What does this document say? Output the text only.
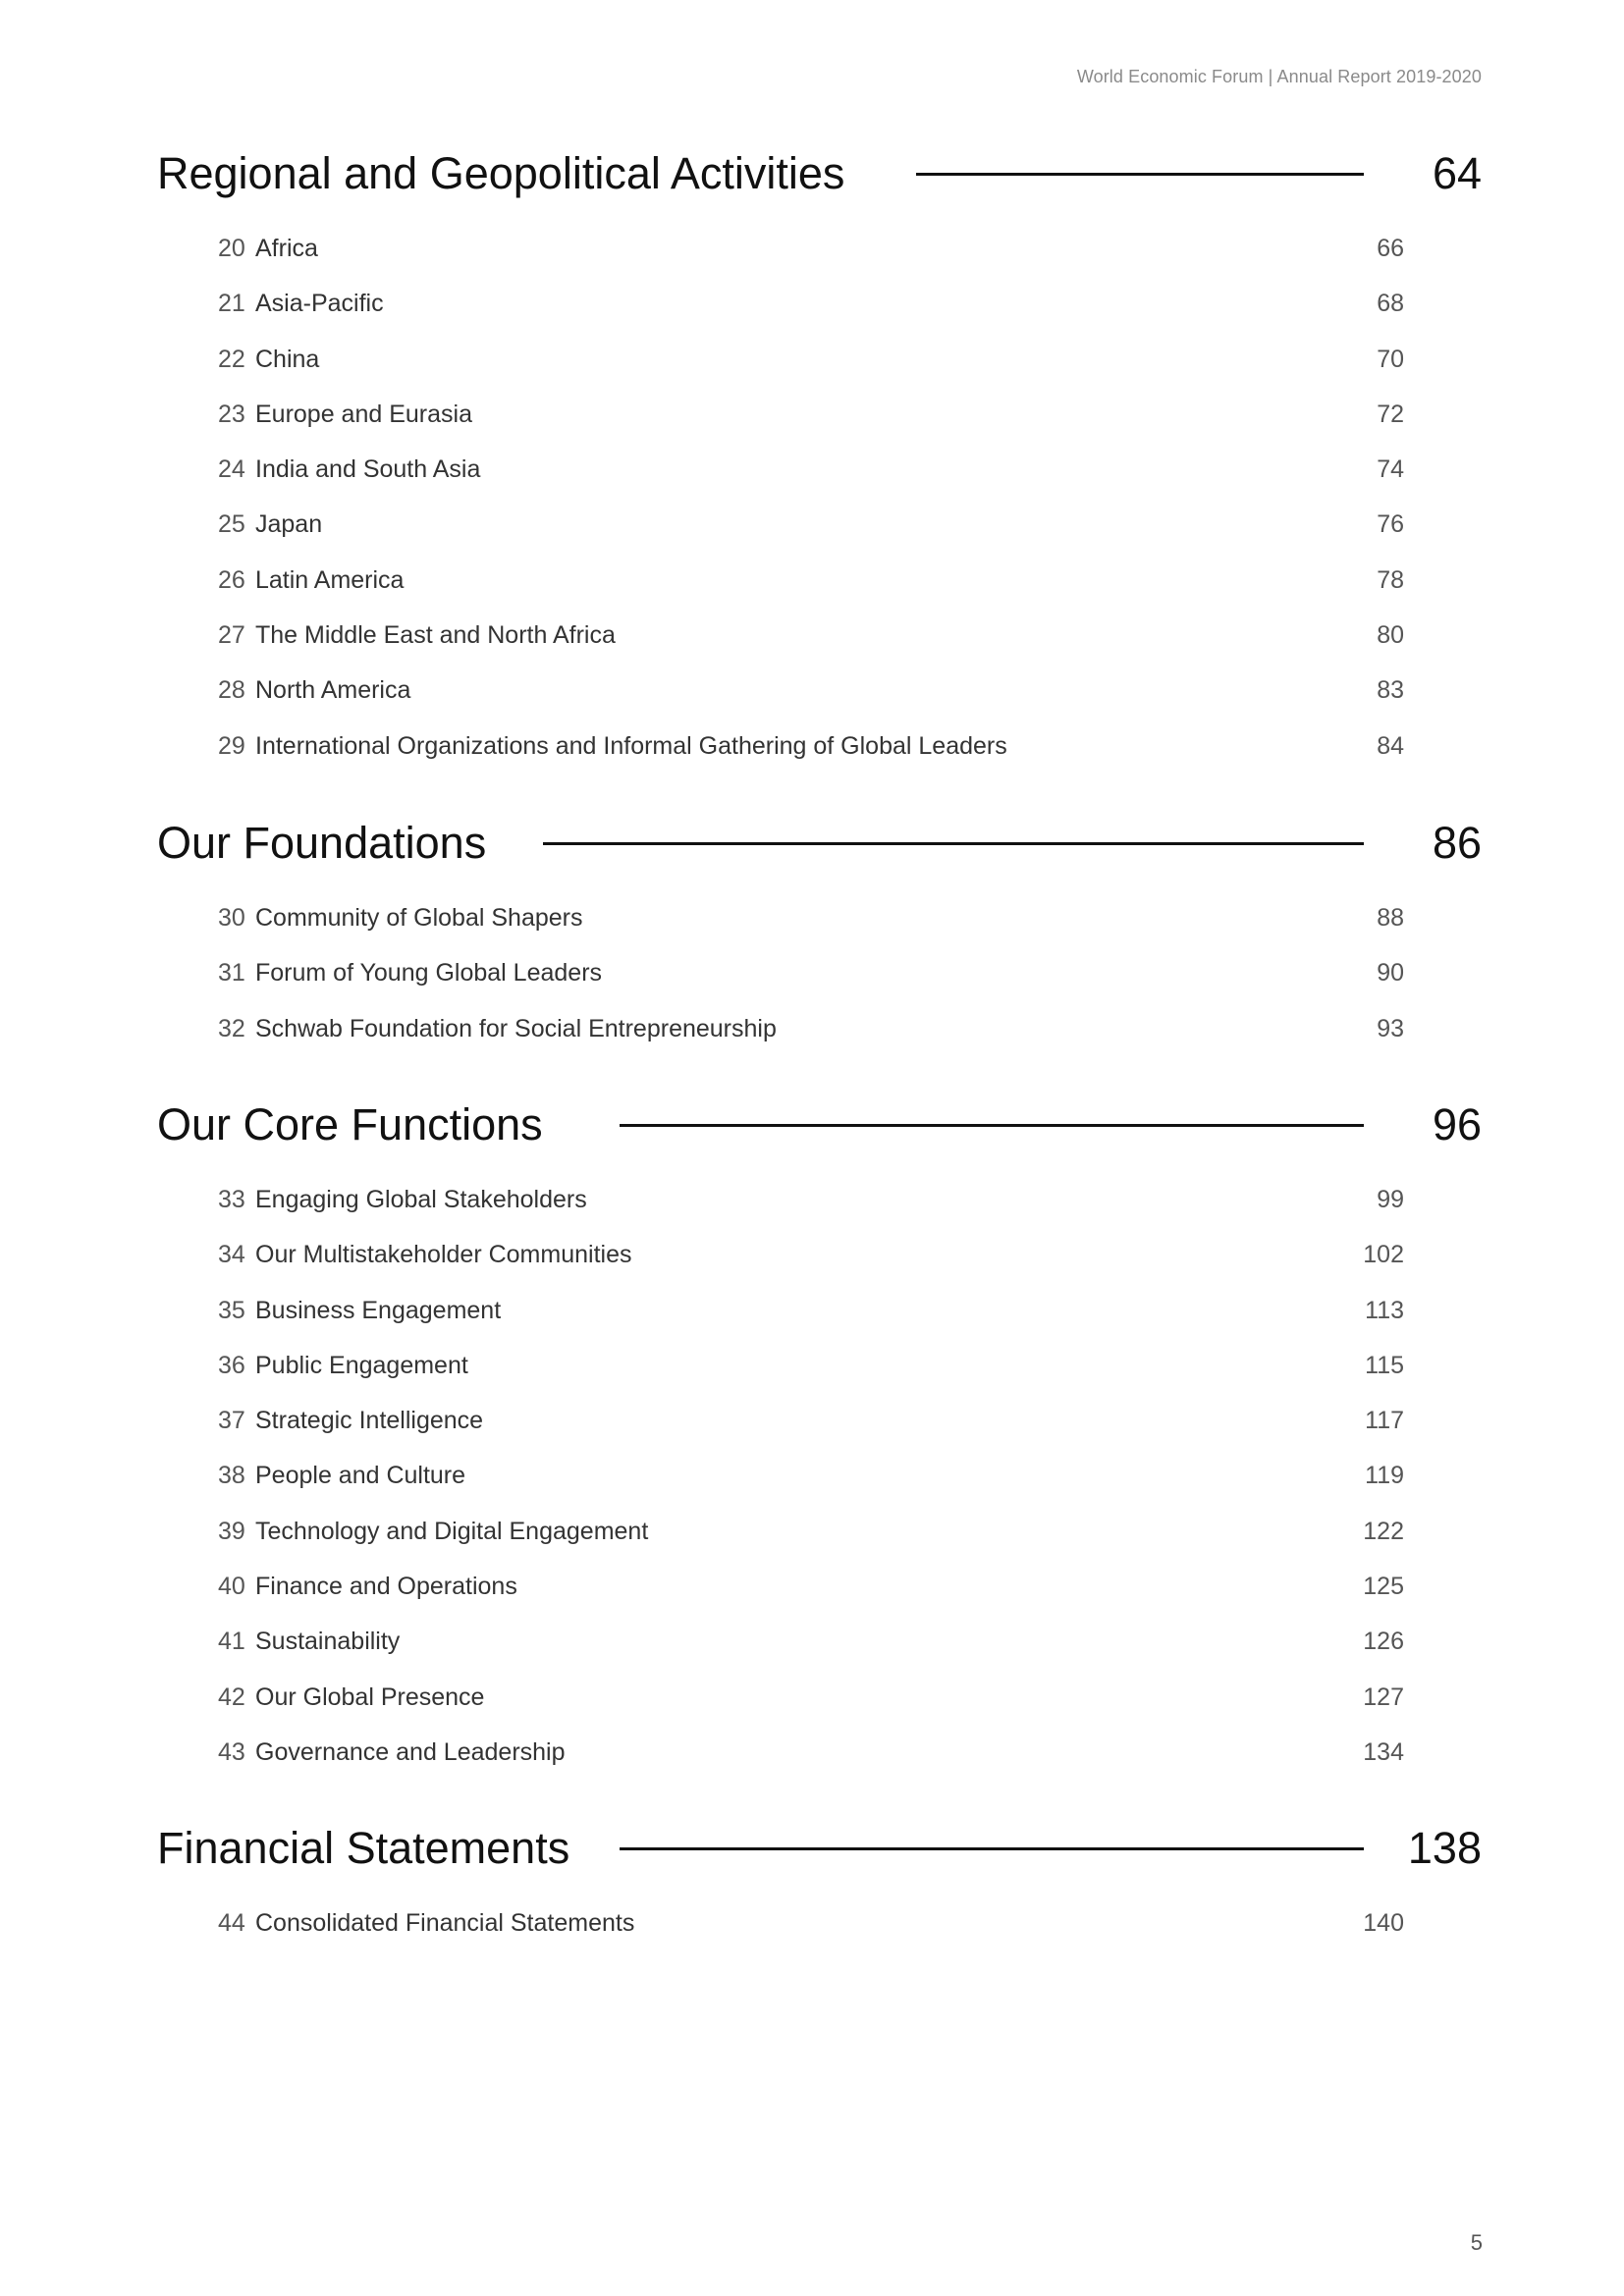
World Economic Forum | Annual Report 2019-2020
Regional and Geopolitical Activities	64
20 Africa	66
21 Asia-Pacific	68
22 China	70
23 Europe and Eurasia	72
24 India and South Asia	74
25 Japan	76
26 Latin America	78
27 The Middle East and North Africa	80
28 North America	83
29 International Organizations and Informal Gathering of Global Leaders	84
Our Foundations	86
30 Community of Global Shapers	88
31 Forum of Young Global Leaders	90
32 Schwab Foundation for Social Entrepreneurship	93
Our Core Functions	96
33 Engaging Global Stakeholders	99
34 Our Multistakeholder Communities	102
35 Business Engagement	113
36 Public Engagement	115
37 Strategic Intelligence	117
38 People and Culture	119
39 Technology and Digital Engagement	122
40 Finance and Operations	125
41 Sustainability	126
42 Our Global Presence	127
43 Governance and Leadership	134
Financial Statements	138
44 Consolidated Financial Statements	140
5
